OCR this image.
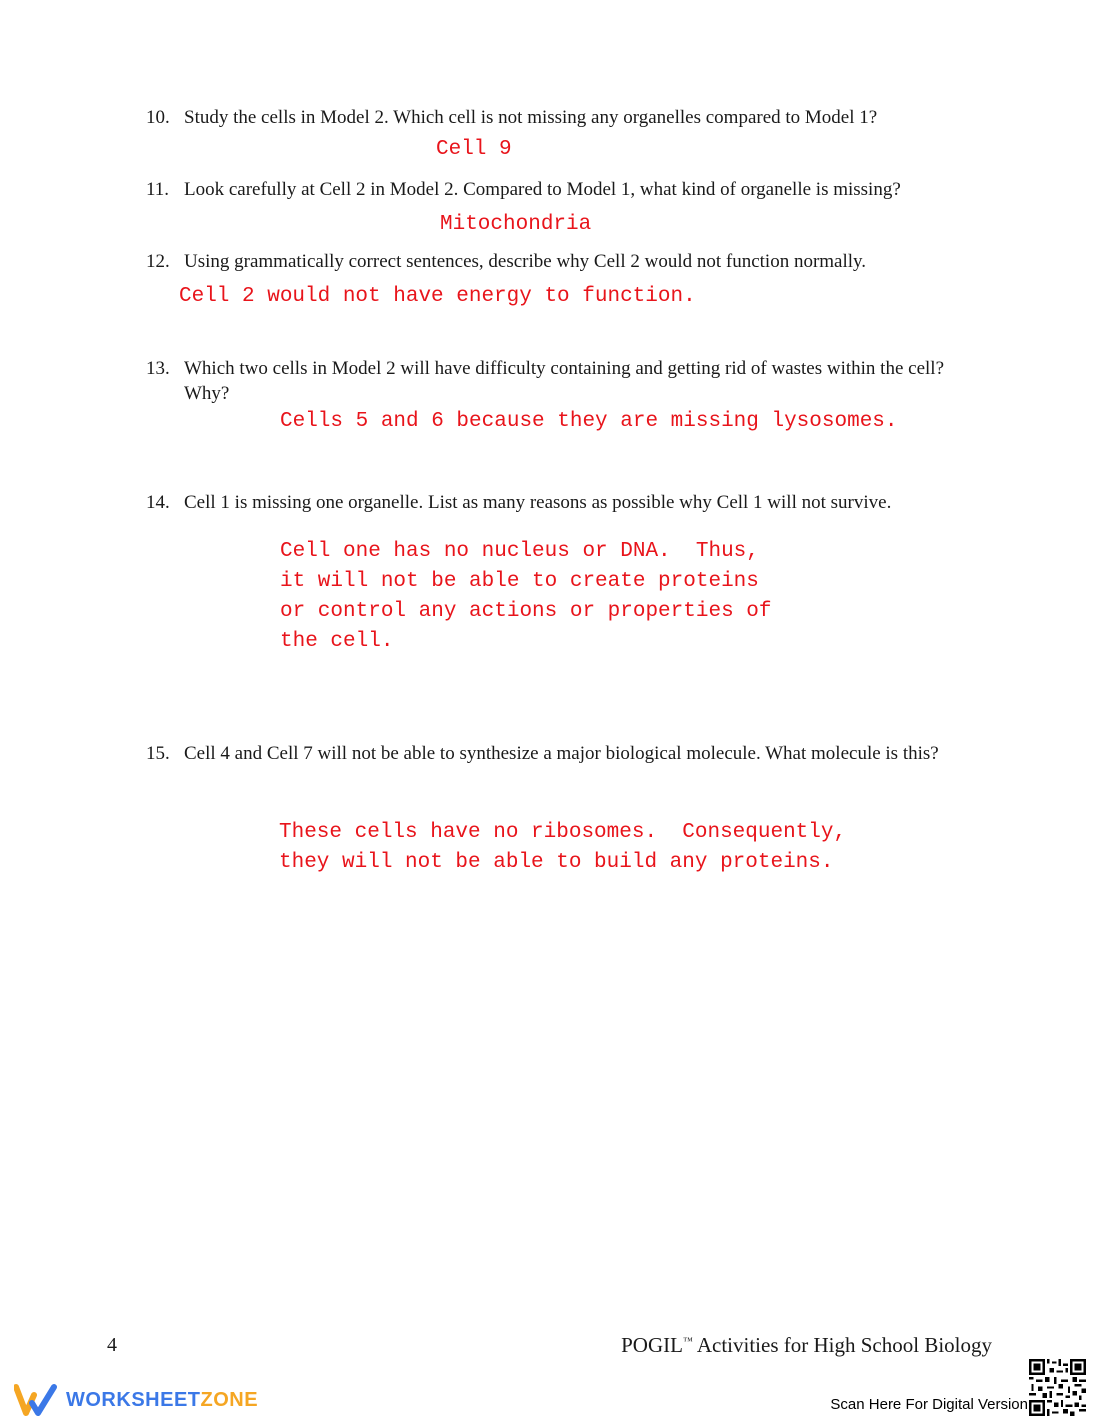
10. Study the cells in Model 2. Which cell is not missing any organelles compared to Model 1?
Cell 9
11. Look carefully at Cell 2 in Model 2. Compared to Model 1, what kind of organelle is missing?
Mitochondria
12. Using grammatically correct sentences, describe why Cell 2 would not function normally.
Cell 2 would not have energy to function.
13. Which two cells in Model 2 will have difficulty containing and getting rid of wastes within the cell? Why?
Cells 5 and 6 because they are missing lysosomes.
14. Cell 1 is missing one organelle. List as many reasons as possible why Cell 1 will not survive.
Cell one has no nucleus or DNA.  Thus,
it will not be able to create proteins
or control any actions or properties of
the cell.
15. Cell 4 and Cell 7 will not be able to synthesize a major biological molecule. What molecule is this?
These cells have no ribosomes.  Consequently,
they will not be able to build any proteins.
4	POGIL™ Activities for High School Biology
WORKSHEETZONE	Scan Here For Digital Version
